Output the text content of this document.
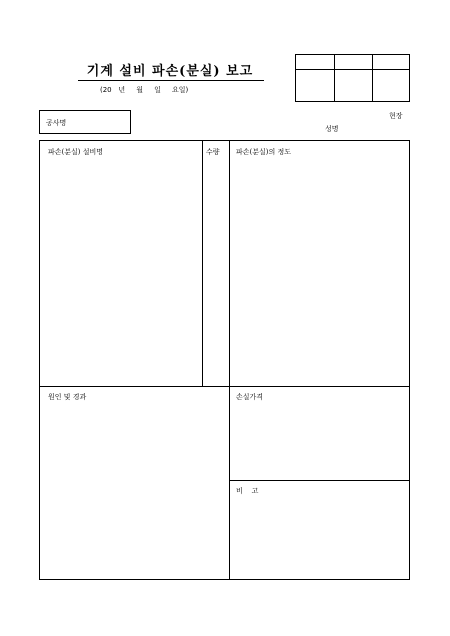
기계 설비 파손(분실) 보고
(20   년     월     일     요일)
공사명
현장
성명
파손(분실) 설비명	수량 파손(분실)의 정도
원인 및 경과	손실가격
비    고
